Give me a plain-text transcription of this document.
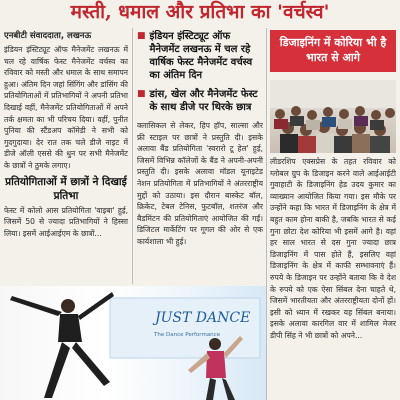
मस्ती, धमाल और प्रतिभा का 'वर्चस्व'
एनबीटी संवाददाता, लखनऊ
इंडियन इंस्टिट्यूट ऑफ मैनेजमेंट लखनऊ में चल रहे वार्षिक फेस्ट मैनेजमेंट वर्चस्व का रविवार को मस्ती और धमाल के साथ समापन हुआ। अंतिम दिन जहां सिंगिंग और डांसिंग की प्रतियोगिताओं में प्रतिभागियों ने अपनी प्रतिभा दिखाई वहीं, मैनेजमेंट प्रतियोगिताओं में अपने तर्क क्षमता का भी परिचय दिया। वहीं, पुनीत पुनिया की स्टैंडअप कॉमेडी ने सभी को गुदगुदाया। देर रात तक चले डीजे नाइट में डीजे ऑली एससे की धुन पर सभी मैनेजमेंट के छात्रों ने ठुमके लगाए।
प्रतियोगिताओं में छात्रों ने दिखाई प्रतिभा
फेस्ट में कोलो आस प्रतियोगिता 'वाइबा' हुई, जिसमें 50 से ज्यादा प्रतिभागियों ने हिस्सा लिया। इसमें आईआईएम के छात्रों...
■ इंडियन इंस्टिट्यूट ऑफ मैनेजमेंट लखनऊ में चल रहे वार्षिक फेस्ट मैनेजमेंट वर्चस्व का अंतिम दिन
■ डांस, खेल और मैनेजमेंट फेस्ट के साथ डीजे पर थिरके छात्र
क्लासिकल से लेकर, हिप हॉप, साल्सा और फ्री स्टाइल पर छात्रों ने प्रस्तुति दी। इसके अलावा बैंड प्रतियोगिता 'स्वरारो टू हेल' हुई, जिसमें विभिन्न कॉलेजों के बैंड ने अपनी-अपनी प्रस्तुति दी। इसके अलावा मॉडल यूनाइटेड नेशन प्रतियोगिता में प्रतिभागियों ने अंतरराष्ट्रीय मुद्दों को उठाया। इस दौरान बास्केट बॉल, क्रिकेट, टेबल टेनिस, फुटबॉल, शतरंज और बैडमिंटन की प्रतियोगिताएं आयोजित की गईं। डिजिटल मार्केटिंग पर गूगल की ओर से एक कार्यशाला भी हुई।
डिजाइनिंग में कोरिया भी है भारत से आगे
लीडरशिप एक्सप्रेस के तहत रविवार को ग्लोबल ग्रुप के डिजाइन करने वाले आईआईटी गुवाहाटी के डिजाइनिंग हेड उदय कुमार का व्याख्यान आयोजित किया गया। इस मौके पर उन्होंने कहा कि भारत में डिजाइनिंग के क्षेत्र में बहुत काम होना बाकी है, जबकि भारत से कई गुना छोटा देश कोरिया भी इसमें आगे है। वहां हर साल भारत से दस गुना ज्यादा छात्र डिजाइनिंग में पास होते हैं, इसलिए वहां डिजाइनिंग के क्षेत्र में काफी सम्भावनाएं हैं। रुपये के डिजाइन पर उन्होंने बताया कि वे देश के रुपये को एक ऐसा सिंबल देना चाहते थे, जिसमें भारतीयता और अंतरराष्ट्रीयता दोनों हों। इसी को ध्यान में रखकर यह सिंबल बनाया। इसके अलावा कारगिल वार में शामिल मेजर डीपी सिंह ने भी छात्रों को अपने...
JUST DANCE
The Dance Performance
